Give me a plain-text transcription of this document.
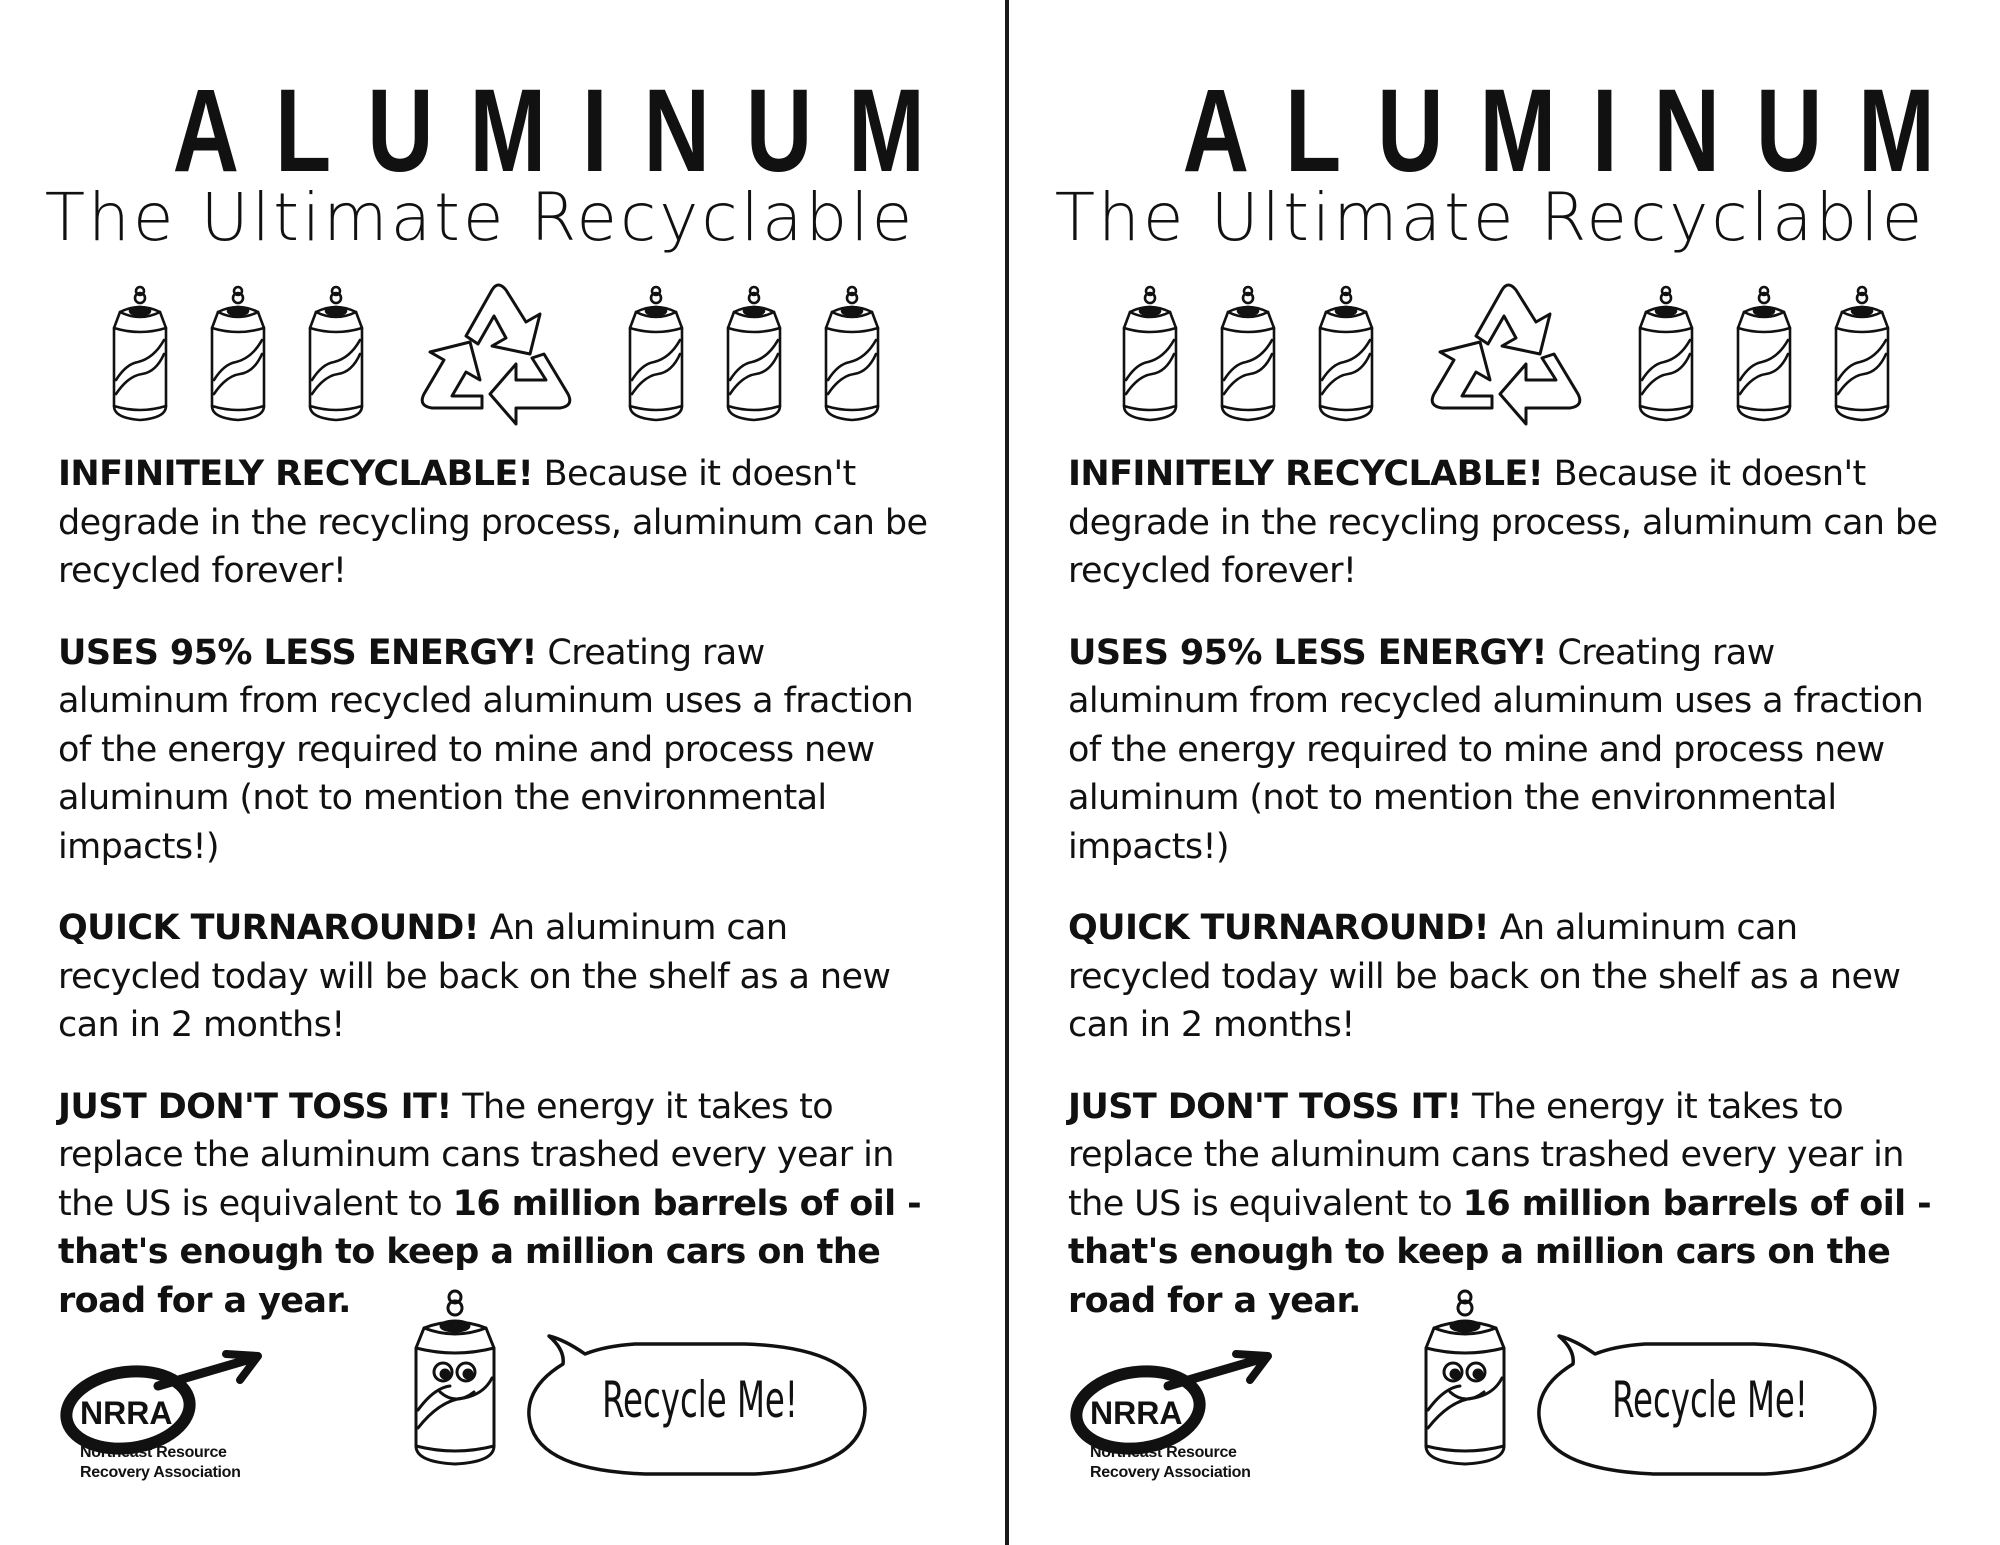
ALUMINUM
The Ultimate Recyclable

INFINITELY RECYCLABLE! Because it doesn't degrade in the recycling process, aluminum can be recycled forever!

USES 95% LESS ENERGY! Creating raw aluminum from recycled aluminum uses a fraction of the energy required to mine and process new aluminum (not to mention the environmental impacts!)

QUICK TURNAROUND! An aluminum can recycled today will be back on the shelf as a new can in 2 months!

JUST DON'T TOSS IT! The energy it takes to replace the aluminum cans trashed every year in the US is equivalent to 16 million barrels of oil - that's enough to keep a million cars on the road for a year.

NRRA
Northeast Resource
Recovery Association
Recycle Me!
ALUMINUM
The Ultimate Recyclable

INFINITELY RECYCLABLE! Because it doesn't degrade in the recycling process, aluminum can be recycled forever!

USES 95% LESS ENERGY! Creating raw aluminum from recycled aluminum uses a fraction of the energy required to mine and process new aluminum (not to mention the environmental impacts!)

QUICK TURNAROUND! An aluminum can recycled today will be back on the shelf as a new can in 2 months!

JUST DON'T TOSS IT! The energy it takes to replace the aluminum cans trashed every year in the US is equivalent to 16 million barrels of oil - that's enough to keep a million cars on the road for a year.

NRRA
Northeast Resource
Recovery Association
Recycle Me!
